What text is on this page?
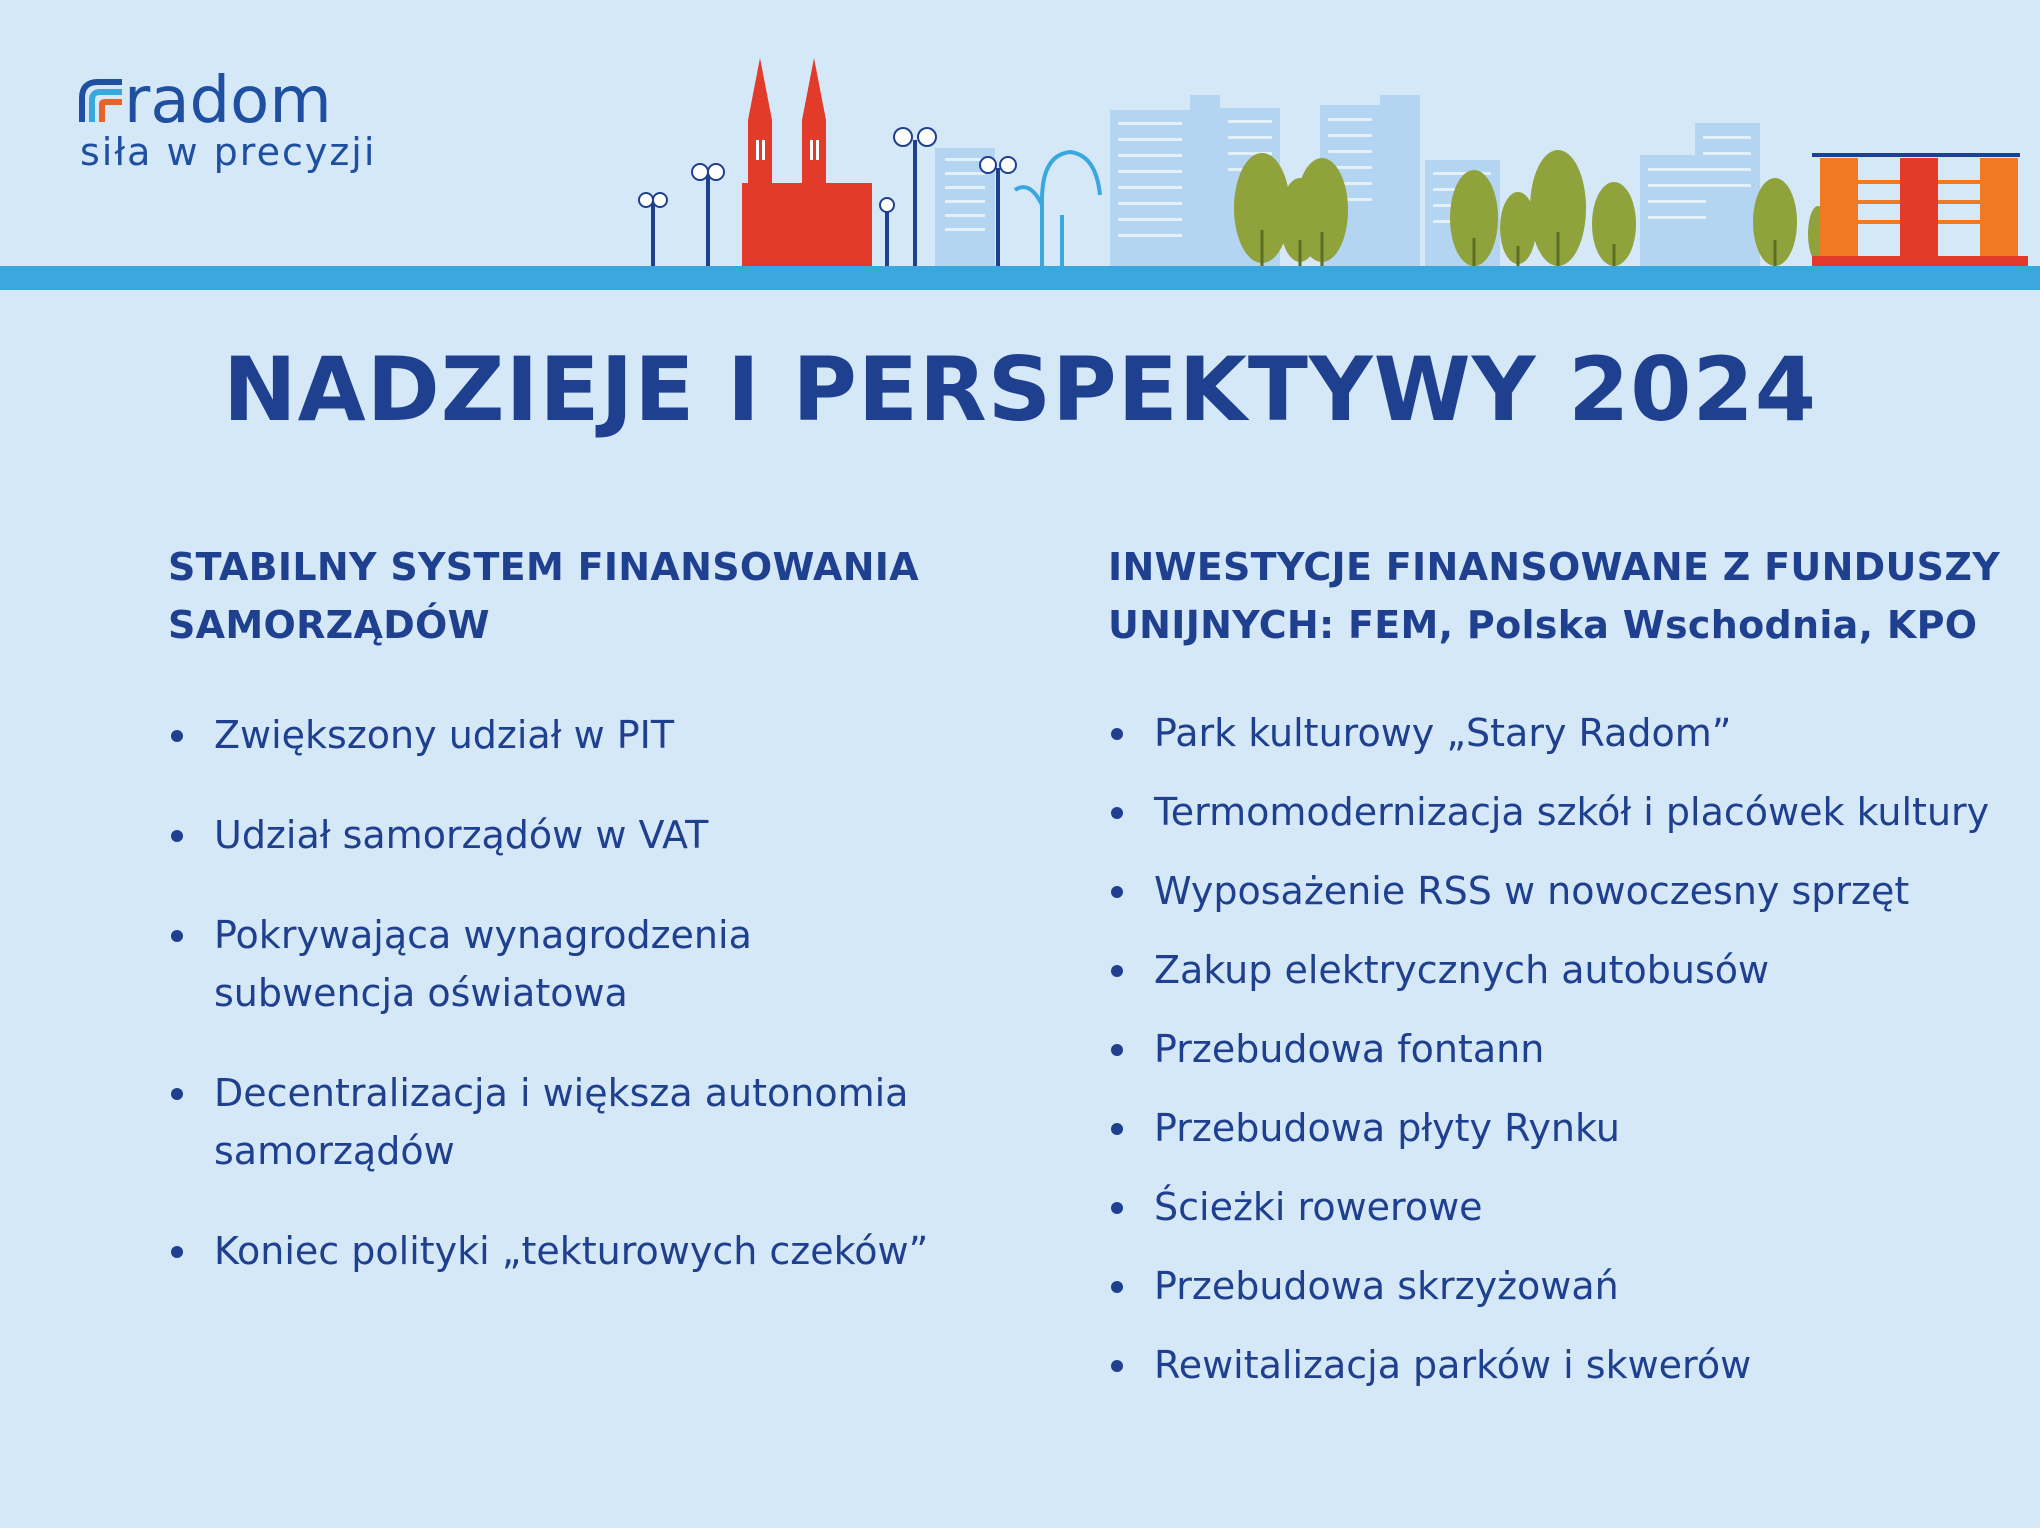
radom
siła w precyzji
NADZIEJE I PERSPEKTYWY 2024
STABILNY SYSTEM FINANSOWANIA
SAMORZĄDÓW
Zwiększony udział w PIT
Udział samorządów w VAT
Pokrywająca wynagrodzenia
subwencja oświatowa
Decentralizacja i większa autonomia
samorządów
Koniec polityki „tekturowych czeków”
INWESTYCJE FINANSOWANE Z FUNDUSZY
UNIJNYCH: FEM, Polska Wschodnia, KPO
Park kulturowy „Stary Radom”
Termomodernizacja szkół i placówek kultury
Wyposażenie RSS w nowoczesny sprzęt
Zakup elektrycznych autobusów
Przebudowa fontann
Przebudowa płyty Rynku
Ścieżki rowerowe
Przebudowa skrzyżowań
Rewitalizacja parków i skwerów
